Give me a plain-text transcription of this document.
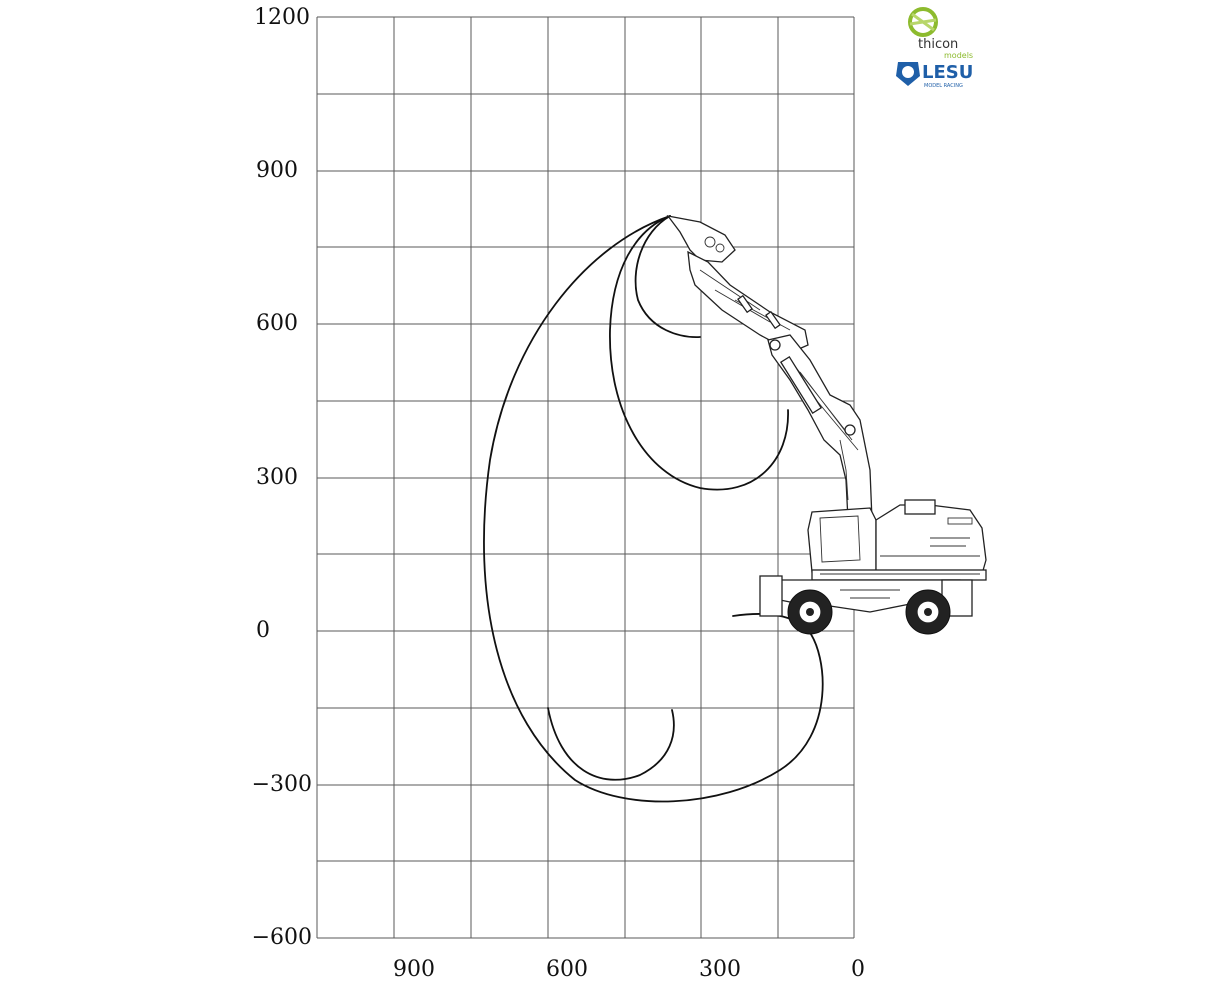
1200
900
600
300
0
−300
−600
900	600	300	0
thicon
models
LESU
MODEL RACING
